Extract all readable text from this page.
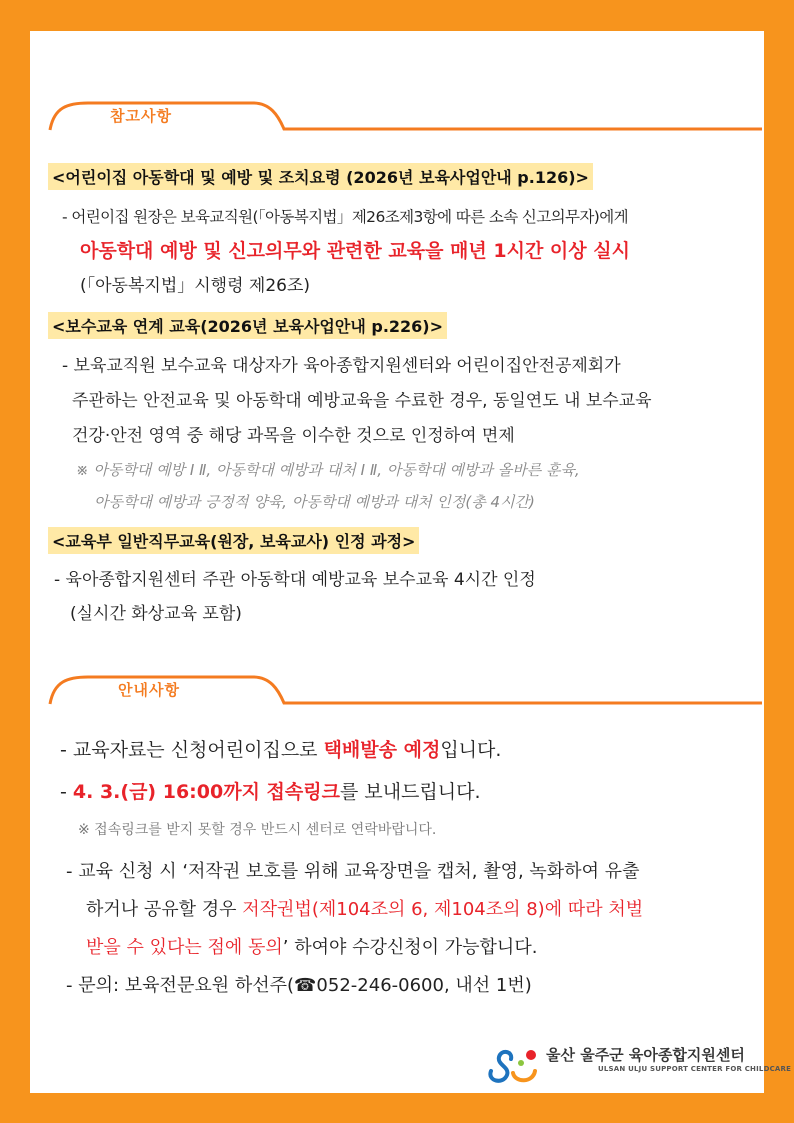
참고사항
<어린이집 아동학대 및 예방 및 조치요령 (2026년 보육사업안내 p.126)>
- 어린이집 원장은 보육교직원(「아동복지법」제26조제3항에 따른 소속 신고의무자)에게
아동학대 예방 및 신고의무와 관련한 교육을 매년 1시간 이상 실시
(「아동복지법」시행령 제26조)
<보수교육 연계 교육(2026년 보육사업안내 p.226)>
- 보육교직원 보수교육 대상자가 육아종합지원센터와 어린이집안전공제회가
주관하는 안전교육 및 아동학대 예방교육을 수료한 경우, 동일연도 내 보수교육
건강·안전 영역 중 해당 과목을 이수한 것으로 인정하여 면제
※ 아동학대 예방 Ⅰ Ⅱ, 아동학대 예방과 대처 Ⅰ Ⅱ, 아동학대 예방과 올바른 훈육,
아동학대 예방과 긍정적 양육, 아동학대 예방과 대처 인정(총 4시간)
<교육부 일반직무교육(원장, 보육교사) 인정 과정>
- 육아종합지원센터 주관 아동학대 예방교육 보수교육 4시간 인정
(실시간 화상교육 포함)
안내사항
- 교육자료는 신청어린이집으로 택배발송 예정입니다.
- 4. 3.(금) 16:00까지 접속링크를 보내드립니다.
※ 접속링크를 받지 못할 경우 반드시 센터로 연락바랍니다.
- 교육 신청 시 ‘저작권 보호를 위해 교육장면을 캡처, 촬영, 녹화하여 유출
하거나 공유할 경우 저작권법(제104조의 6, 제104조의 8)에 따라 처벌
받을 수 있다는 점에 동의’ 하여야 수강신청이 가능합니다.
- 문의: 보육전문요원 하선주(☎052-246-0600, 내선 1번)
울산 울주군 육아종합지원센터
ULSAN ULJU SUPPORT CENTER FOR CHILDCARE
